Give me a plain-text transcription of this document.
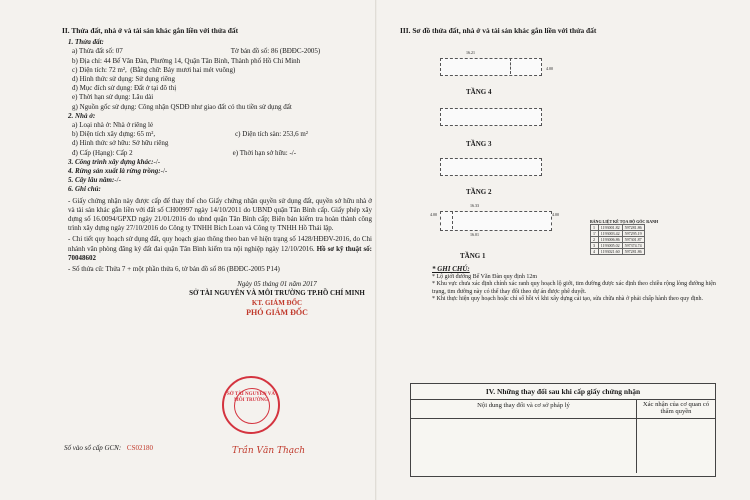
II. Thửa đất, nhà ở và tài sản khác gắn liền với thửa đất
1. Thửa đất:
a) Thửa đất số:
07	Tờ bản đồ số:
86
(BĐĐC-2005)
b) Địa chỉ:
44 Bế Văn Đàn, Phường 14, Quận Tân Bình, Thành phố Hồ Chí Minh
c) Diện tích:
72 m²,
(Bằng chữ: Bảy mươi hai mét vuông)
d) Hình thức sử dụng:
Sử dụng riêng
đ) Mục đích sử dụng:
Đất ở tại đô thị
e) Thời hạn sử dụng:
Lâu dài
g) Nguồn gốc sử dụng:
Công nhận QSDĐ như giao đất có thu tiền sử dụng đất
2. Nhà ở:
a) Loại nhà ở:
Nhà ở riêng lẻ
b) Diện tích xây dựng:
65 m²,	c) Diện tích sàn:
253,6 m²
d) Hình thức sở hữu:
Sở hữu riêng
đ) Cấp (Hạng):
Cấp 2	e) Thời hạn sở hữu:
-/-
3. Công trình xây dựng khác: -/-
4. Rừng sản xuất là rừng trồng: -/-
5. Cây lâu năm: -/-
6. Ghi chú:
- Giấy chứng nhận này được cấp để thay thế cho Giấy chứng nhận quyền sử dụng đất, quyền sở hữu nhà ở và tài sản khác gắn liền với đất số CH00997 ngày 14/10/2011 do UBND quận Tân Bình cấp. Giấy phép xây dựng số 16.0094/GPXD ngày 21/01/2016 do ubnd quận Tân Bình cấp; Biên bản kiểm tra hoàn thành công trình xây dựng ngày 27/10/2016 do Công ty TNHH Bích Loan và Công ty TNHH Hồ Thái lập.
- Chi tiết quy hoạch sử dụng đất, quy hoạch giao thông theo ban vẽ hiện trạng số 1428/HĐĐV-2016, do Chi nhánh văn phòng đăng ký đất đai quận Tân Bình kiểm tra nội nghiệp ngày 12/10/2016. Hồ sơ kỹ thuật số: 70048602
- Số thửa cũ: Thửa 7 + một phần thửa 6, tờ bản đồ số 86 (BĐĐC-2005 P14)
Ngày 05 tháng 01 năm 2017
SỞ TÀI NGUYÊN VÀ MÔI TRƯỜNG TP.HỒ CHÍ MINH
KT. GIÁM ĐỐC
PHÓ GIÁM ĐỐC
SỞ TÀI NGUYÊN VÀ MÔI TRƯỜNG
Trần Văn Thạch
Số vào sổ cấp GCN: CS02180
III. Sơ đồ thửa đất, nhà ở và tài sản khác gắn liền với thửa đất
TẦNG 4
TẦNG 3
TẦNG 2
TẦNG 1
16.21
4.00
16.33
16.01
4.00
4.00
BẢNG LIỆT KÊ TỌA ĐỘ GÓC RANH
1	1193001.82	597281.86
1'	1193003.42	597295.19
2	1193006.86	597301.87
3	1193005.02	597374.74
4	1193021.60	597281.86
* GHI CHÚ:
* Lộ giới đường Bế Văn Đàn quy định 12m
* Khu vực chưa xác định chính xác ranh quy hoạch lộ giới, tim đường được xác định theo chiều rộng lòng đường hiện trạng, tim đường này có thể thay đổi theo dự án được phê duyệt.
* Khi thực hiện quy hoạch hoặc chỉ số hồi vì khi xây dựng cải tạo, sửa chữa nhà ở phải chấp hành theo quy định.
IV. Những thay đổi sau khi cấp giấy chứng nhận
Nội dung thay đổi và cơ sở pháp lý	Xác nhận của cơ quan có thẩm quyền
